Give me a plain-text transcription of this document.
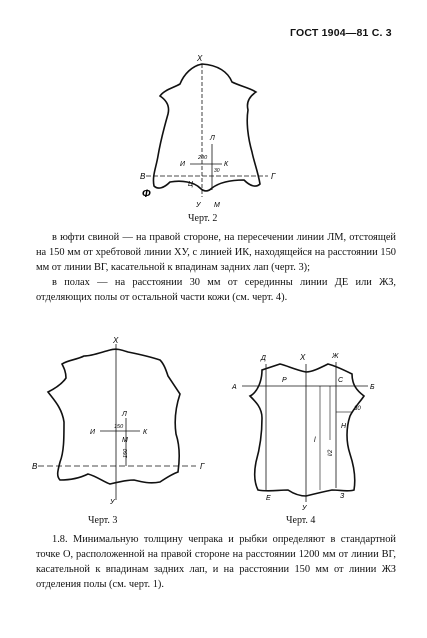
ГОСТ 1904—81 С. 3
Х
У
Л
М
И	К
В	Г
Ц
Ф
200
30
Черт. 2

в юфти свиной — на правой стороне, на пересечении линии ЛМ, отстоящей на 150 мм от хребтовой линии ХУ, с линией ИК, находящейся на расстоянии 150 мм от линии ВГ, касательной к впадинам задних лап (черт. 3);

в полах — на расстоянии 30 мм от серединны линии ДЕ или ЖЗ, отделяющих полы от остальной части кожи (см. черт. 4).

Х
У
Л
М
И	К
В	Г
150
150
Черт. 3
Х
У
Д	Ж
А	Б
Р	С
Н
Е	З
30
l
l/2
Черт. 4

1.8. Минимальную толщину чепрака и рыбки определяют в стандартной точке О, расположенной на правой стороне на расстоянии 1200 мм от линии ВГ, касательной к впадинам задних лап, и на расстоянии 150 мм от линии ЖЗ отделения полы (см. черт. 1).
